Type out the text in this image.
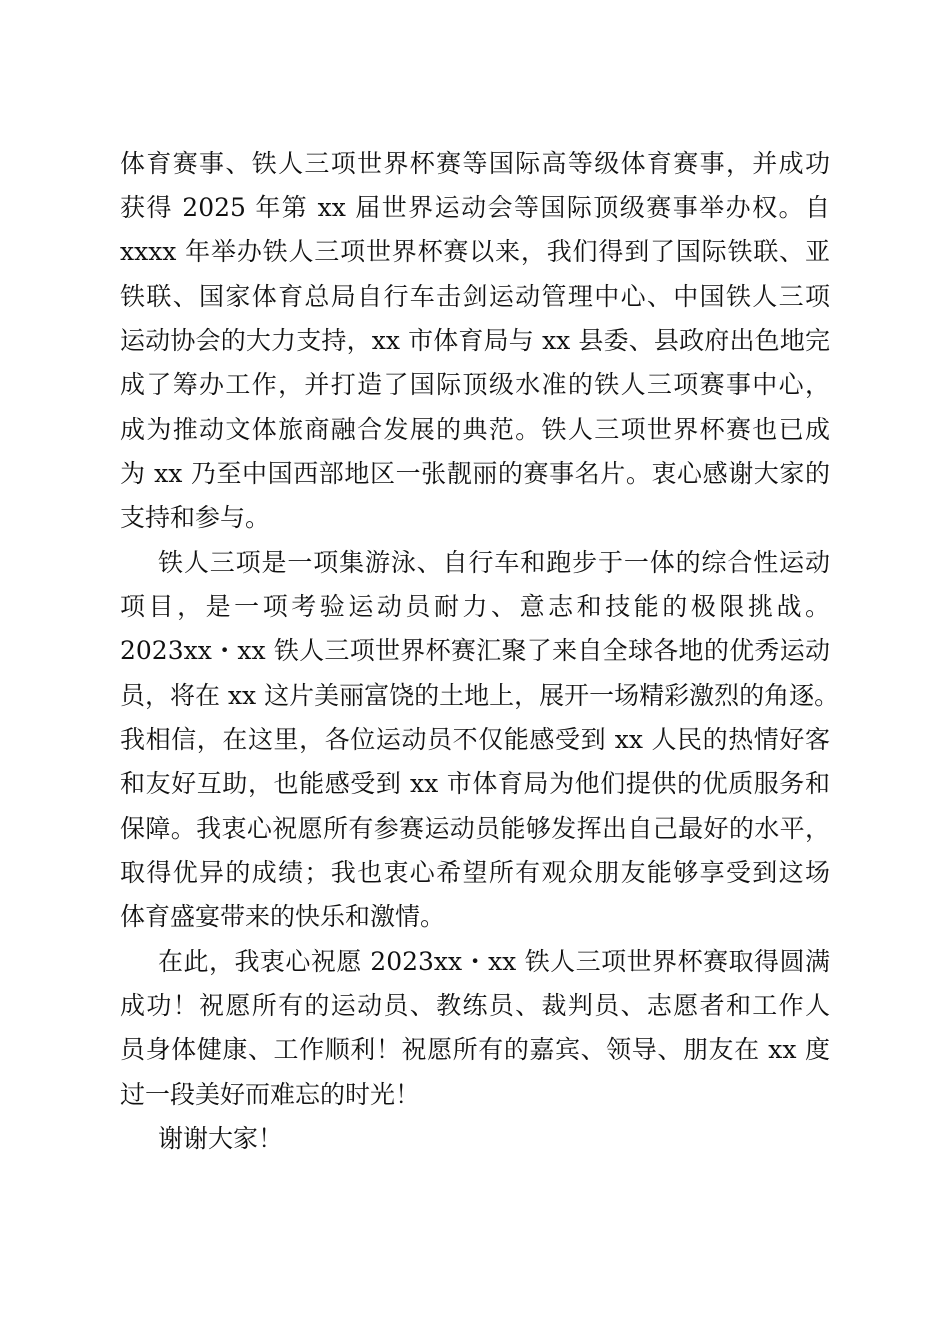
体育赛事、铁人三项世界杯赛等国际高等级体育赛事，并成功

获得 2025 年第 xx 届世界运动会等国际顶级赛事举办权。自

xxxx 年举办铁人三项世界杯赛以来，我们得到了国际铁联、亚

铁联、国家体育总局自行车击剑运动管理中心、中国铁人三项

运动协会的大力支持，xx 市体育局与 xx 县委、县政府出色地完

成了筹办工作，并打造了国际顶级水准的铁人三项赛事中心，

成为推动文体旅商融合发展的典范。铁人三项世界杯赛也已成

为 xx 乃至中国西部地区一张靓丽的赛事名片。衷心感谢大家的

支持和参与。

铁人三项是一项集游泳、自行车和跑步于一体的综合性运动

项目，是一项考验运动员耐力、意志和技能的极限挑战。

2023xx・xx 铁人三项世界杯赛汇聚了来自全球各地的优秀运动

员，将在 xx 这片美丽富饶的土地上，展开一场精彩激烈的角逐。

我相信，在这里，各位运动员不仅能感受到 xx 人民的热情好客

和友好互助，也能感受到 xx 市体育局为他们提供的优质服务和

保障。我衷心祝愿所有参赛运动员能够发挥出自己最好的水平，

取得优异的成绩；我也衷心希望所有观众朋友能够享受到这场

体育盛宴带来的快乐和激情。

在此，我衷心祝愿 2023xx・xx 铁人三项世界杯赛取得圆满

成功！祝愿所有的运动员、教练员、裁判员、志愿者和工作人

员身体健康、工作顺利！祝愿所有的嘉宾、领导、朋友在 xx 度

过一段美好而难忘的时光！

谢谢大家！
